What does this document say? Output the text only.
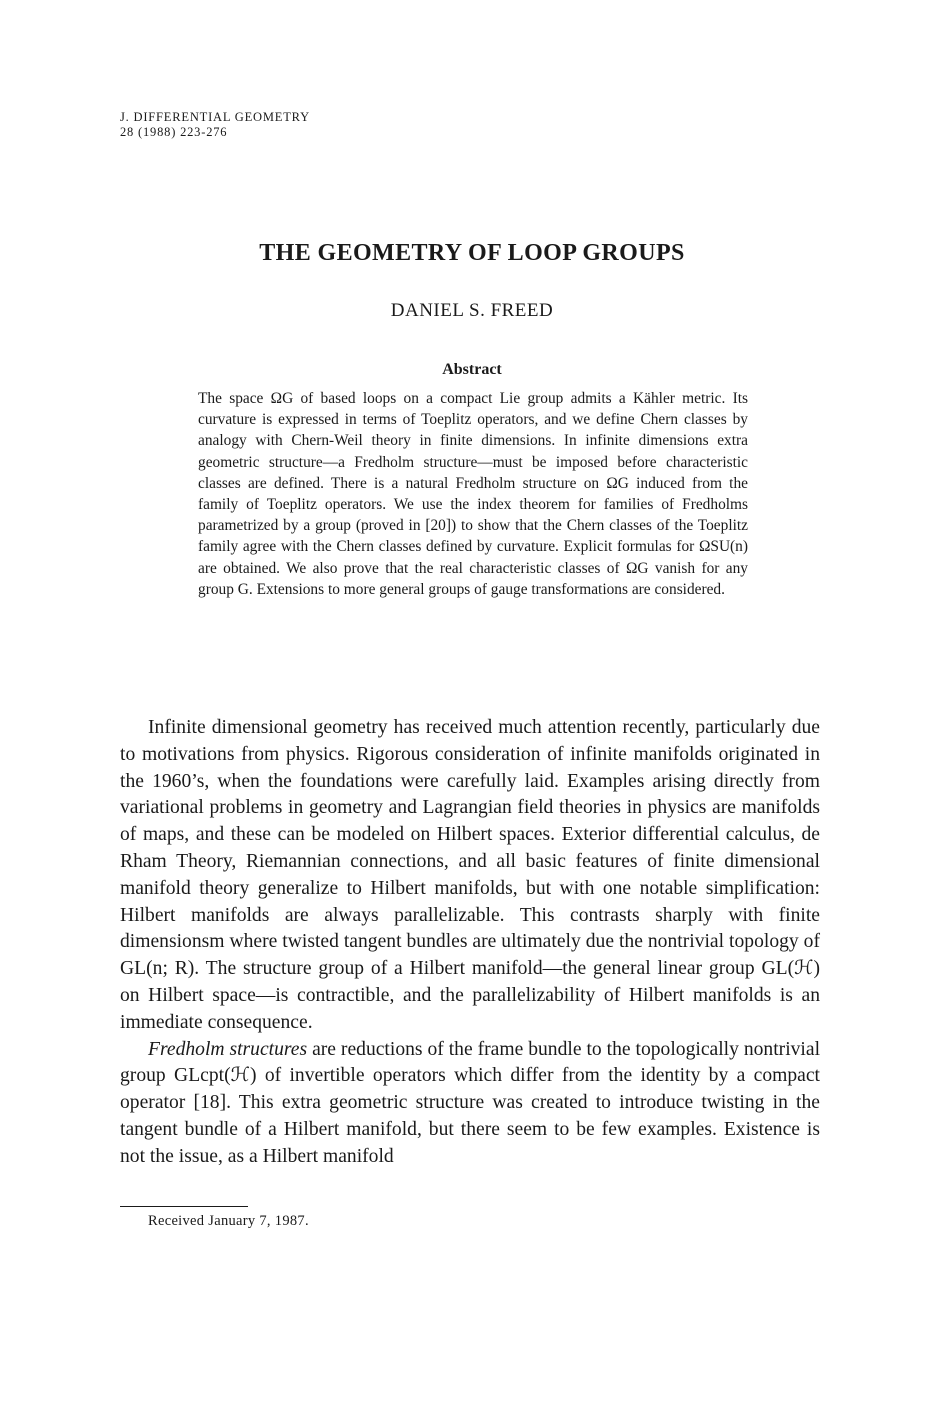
J. DIFFERENTIAL GEOMETRY
28 (1988) 223-276
THE GEOMETRY OF LOOP GROUPS
DANIEL S. FREED
Abstract
The space ΩG of based loops on a compact Lie group admits a Kähler metric. Its curvature is expressed in terms of Toeplitz operators, and we define Chern classes by analogy with Chern-Weil theory in finite dimensions. In infinite dimensions extra geometric structure—a Fredholm structure—must be imposed before characteristic classes are defined. There is a natural Fredholm structure on ΩG induced from the family of Toeplitz operators. We use the index theorem for families of Fredholms parametrized by a group (proved in [20]) to show that the Chern classes of the Toeplitz family agree with the Chern classes defined by curvature. Explicit formulas for ΩSU(n) are obtained. We also prove that the real characteristic classes of ΩG vanish for any group G. Extensions to more general groups of gauge transformations are considered.

Infinite dimensional geometry has received much attention recently, particularly due to motivations from physics. Rigorous consideration of infinite manifolds originated in the 1960’s, when the foundations were carefully laid. Examples arising directly from variational problems in geometry and Lagrangian field theories in physics are manifolds of maps, and these can be modeled on Hilbert spaces. Exterior differential calculus, de Rham Theory, Riemannian connections, and all basic features of finite dimensional manifold theory generalize to Hilbert manifolds, but with one notable simplification: Hilbert manifolds are always parallelizable. This contrasts sharply with finite dimensionsm where twisted tangent bundles are ultimately due the nontrivial topology of GL(n; R). The structure group of a Hilbert manifold—the general linear group GL(ℋ) on Hilbert space—is contractible, and the parallelizability of Hilbert manifolds is an immediate consequence.

Fredholm structures are reductions of the frame bundle to the topologically nontrivial group GLcpt(ℋ) of invertible operators which differ from the identity by a compact operator [18]. This extra geometric structure was created to introduce twisting in the tangent bundle of a Hilbert manifold, but there seem to be few examples. Existence is not the issue, as a Hilbert manifold

Received January 7, 1987.
